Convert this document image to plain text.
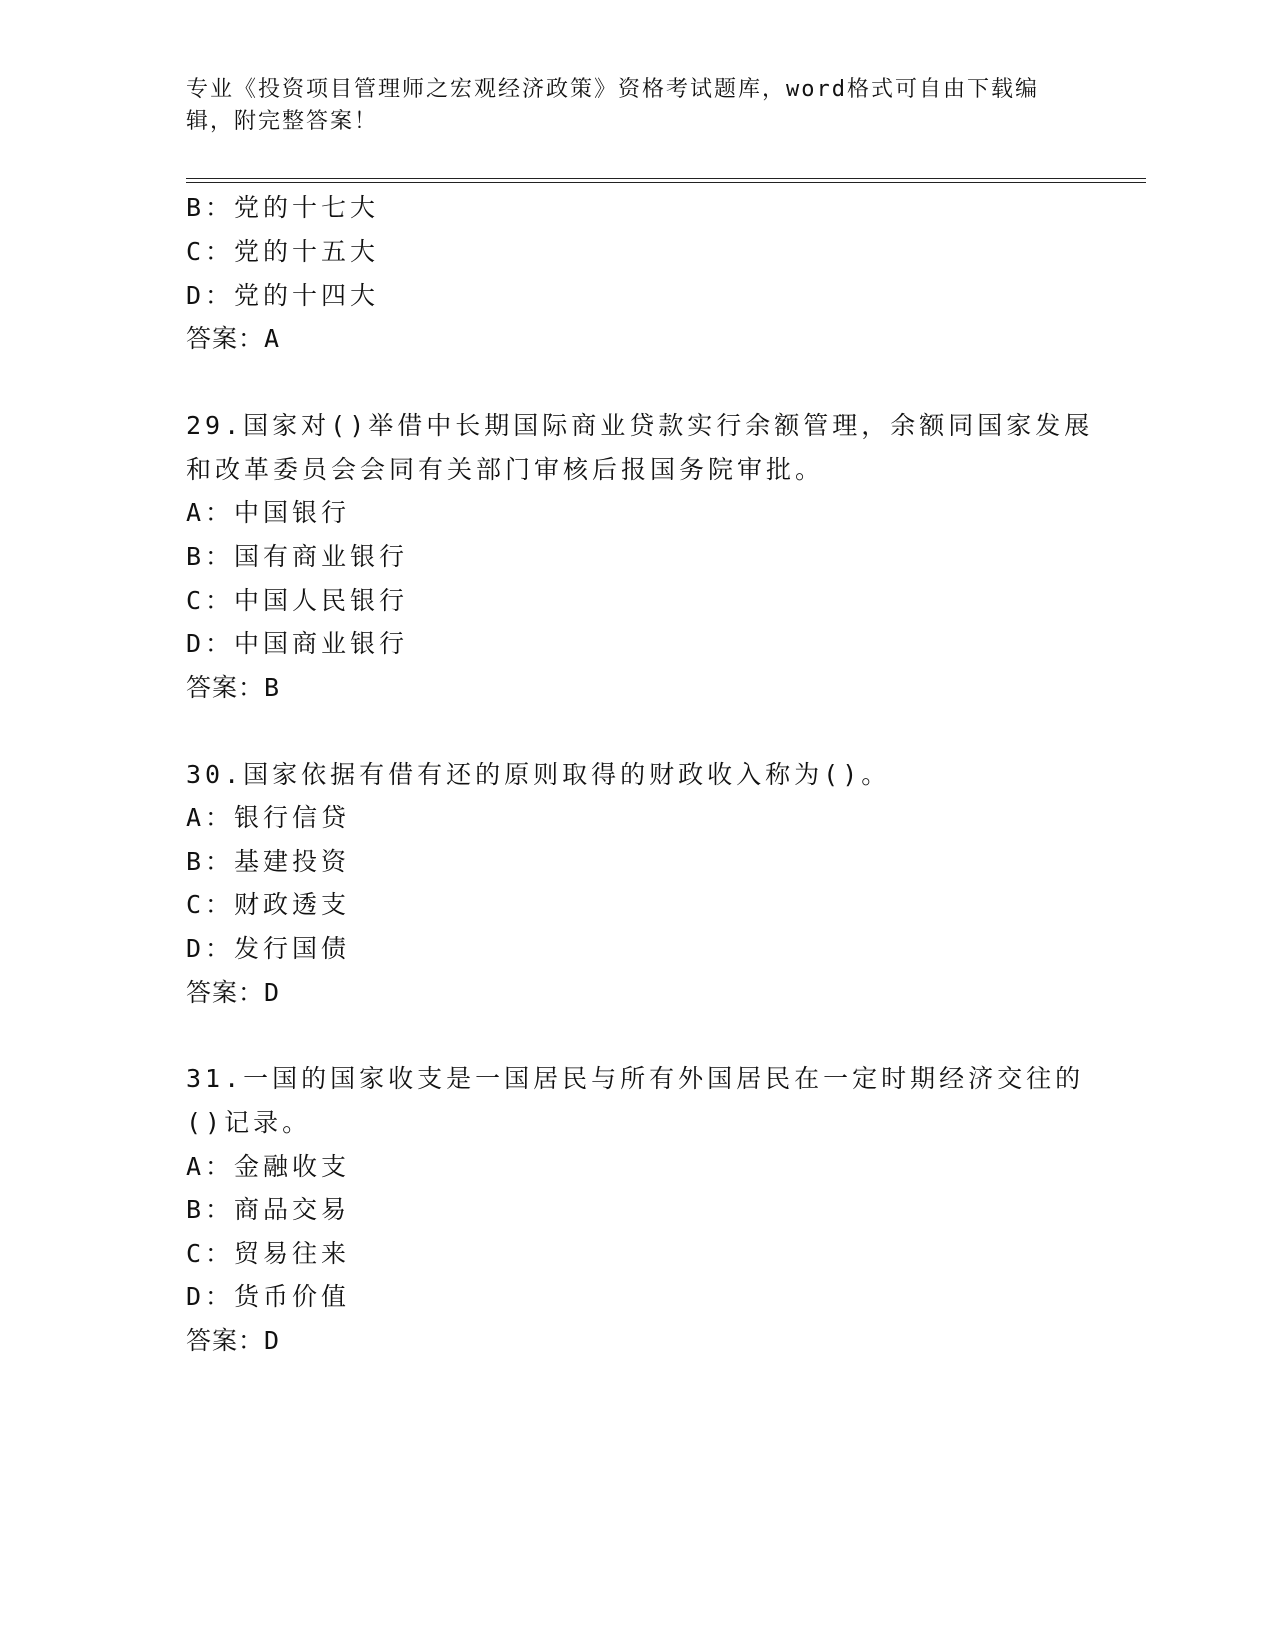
专业《投资项目管理师之宏观经济政策》资格考试题库，word格式可自由下载编辑，附完整答案！
B：党的十七大
C：党的十五大
D：党的十四大
答案：A
29.国家对()举借中长期国际商业贷款实行余额管理，余额同国家发展
和改革委员会会同有关部门审核后报国务院审批。
A：中国银行
B：国有商业银行
C：中国人民银行
D：中国商业银行
答案：B
30.国家依据有借有还的原则取得的财政收入称为()。
A：银行信贷
B：基建投资
C：财政透支
D：发行国债
答案：D
31.一国的国家收支是一国居民与所有外国居民在一定时期经济交往的
()记录。
A：金融收支
B：商品交易
C：贸易往来
D：货币价值
答案：D
